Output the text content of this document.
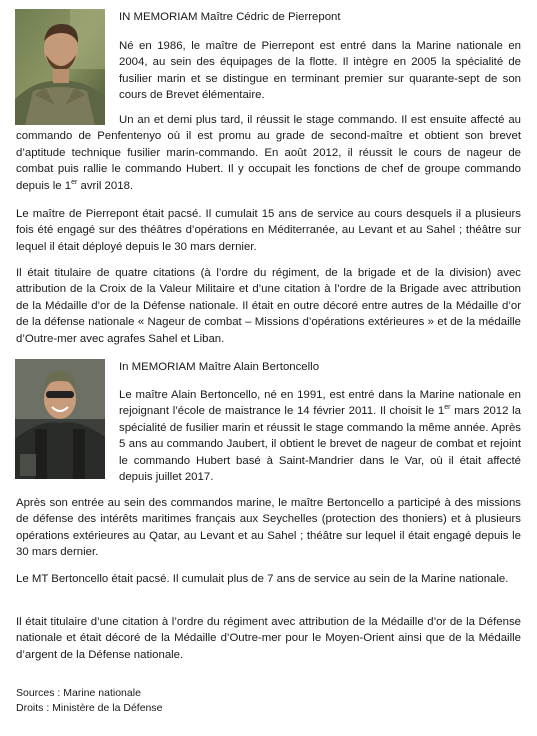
IN MEMORIAM Maître Cédric de Pierrepont

Né en 1986, le maître de Pierrepont est entré dans la Marine nationale en 2004, au sein des équipages de la flotte. Il intègre en 2005 la spécialité de fusilier marin et se distingue en terminant premier sur quarante-sept de son cours de Brevet élémentaire.

Un an et demi plus tard, il réussit le stage commando. Il est ensuite affecté au commando de Penfentenyo où il est promu au grade de second-maître et obtient son brevet d’aptitude technique fusilier marin-commando. En août 2012, il réussit le cours de nageur de combat puis rallie le commando Hubert. Il y occupait les fonctions de chef de groupe commando depuis le 1er avril 2018.

Le maître de Pierrepont était pacsé. Il cumulait 15 ans de service au cours desquels il a plusieurs fois été engagé sur des théâtres d’opérations en Méditerranée, au Levant et au Sahel ; théâtre sur lequel il était déployé depuis le 30 mars dernier.

Il était titulaire de quatre citations (à l’ordre du régiment, de la brigade et de la division) avec attribution de la Croix de la Valeur Militaire et d’une citation à l’ordre de la Brigade avec attribution de la Médaille d’or de la Défense nationale. Il était en outre décoré entre autres de la Médaille d’or de la défense nationale « Nageur de combat – Missions d’opérations extérieures » et de la médaille d’Outre-mer avec agrafes Sahel et Liban.

In MEMORIAM Maître Alain Bertoncello

Le maître Alain Bertoncello, né en 1991, est entré dans la Marine nationale en rejoignant l’école de maistrance le 14 février 2011. Il choisit le 1er mars 2012 la spécialité de fusilier marin et réussit le stage commando la même année. Après 5 ans au commando Jaubert, il obtient le brevet de nageur de combat et rejoint le commando Hubert basé à Saint-Mandrier dans le Var, où il était affecté depuis juillet 2017.

Après son entrée au sein des commandos marine, le maître Bertoncello a participé à des missions de défense des intérêts maritimes français aux Seychelles (protection des thoniers) et à plusieurs opérations extérieures au Qatar, au Levant et au Sahel ; théâtre sur lequel il était engagé depuis le 30 mars dernier.

Le MT Bertoncello était pacsé. Il cumulait plus de 7 ans de service au sein de la Marine nationale.

Il était titulaire d’une citation à l’ordre du régiment avec attribution de la Médaille d’or de la Défense nationale et était décoré de la Médaille d’Outre-mer pour le Moyen-Orient ainsi que de la Médaille d’argent de la Défense nationale.

Sources : Marine nationale
Droits : Ministère de la Défense
